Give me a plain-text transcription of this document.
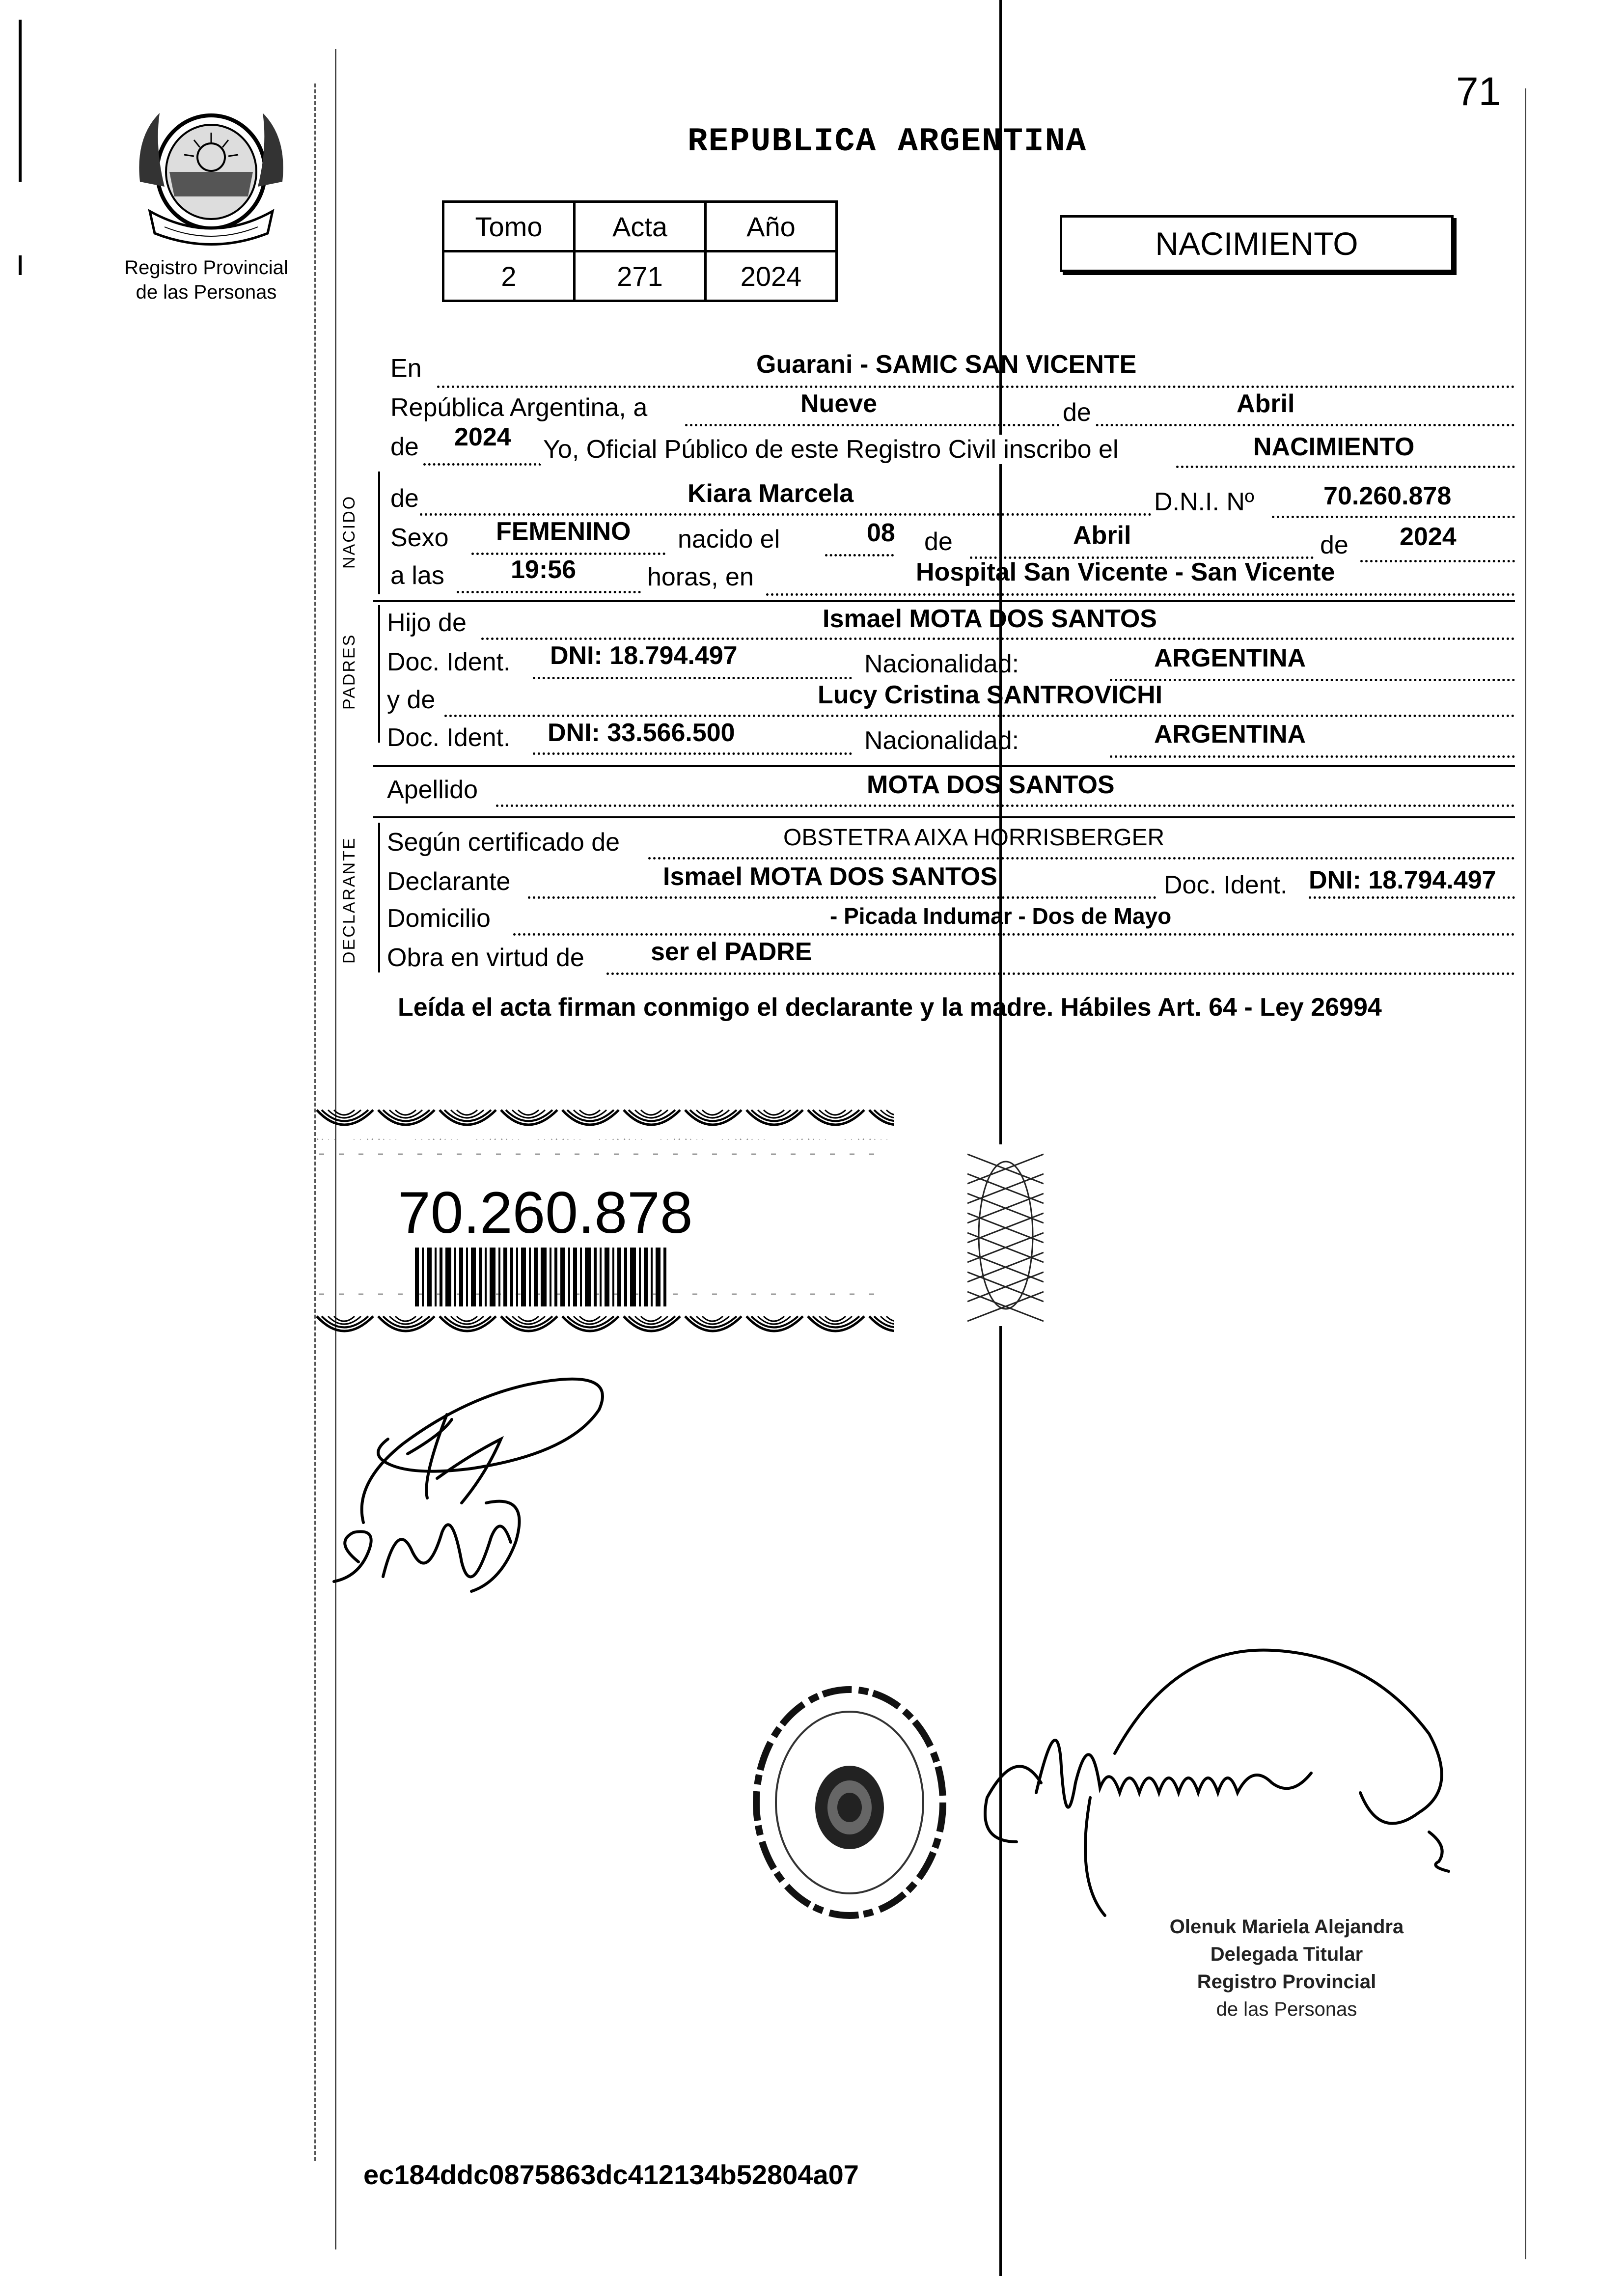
71
Registro Provincial
de las Personas
REPUBLICA ARGENTINA
Tomo	Acta	Año
2	271	2024
NACIMIENTO
En	Guarani - SAMIC SAN VICENTE
República Argentina, a	Nueve	de	Abril
de 2024 Yo, Oficial Público de este Registro Civil inscribo el	NACIMIENTO
NACIDO de	Kiara Marcela	D.N.I. Nº	70.260.878
Sexo FEMENINO nacido el	08 de	Abril	de 2024
a las	19:56	horas, en	Hospital San Vicente - San Vicente
PADRES
Hijo de	Ismael MOTA DOS SANTOS
Doc. Ident. DNI: 18.794.497	Nacionalidad:	ARGENTINA
y de	Lucy Cristina SANTROVICHI
Doc. Ident. DNI: 33.566.500	Nacionalidad:	ARGENTINA
Apellido	MOTA DOS SANTOS
DECLARANTE Según certificado de	OBSTETRA AIXA HORRISBERGER
Declarante	Ismael MOTA DOS SANTOS	Doc. Ident. DNI: 18.794.497
Domicilio	- Picada Indumar - Dos de Mayo
Obra en virtud de	ser el PADRE
Leída el acta firman conmigo el declarante y la madre. Hábiles Art. 64 - Ley 26994
70.260.878
Olenuk Mariela Alejandra
Delegada Titular
Registro Provincial
de las Personas
ec184ddc0875863dc412134b52804a07
